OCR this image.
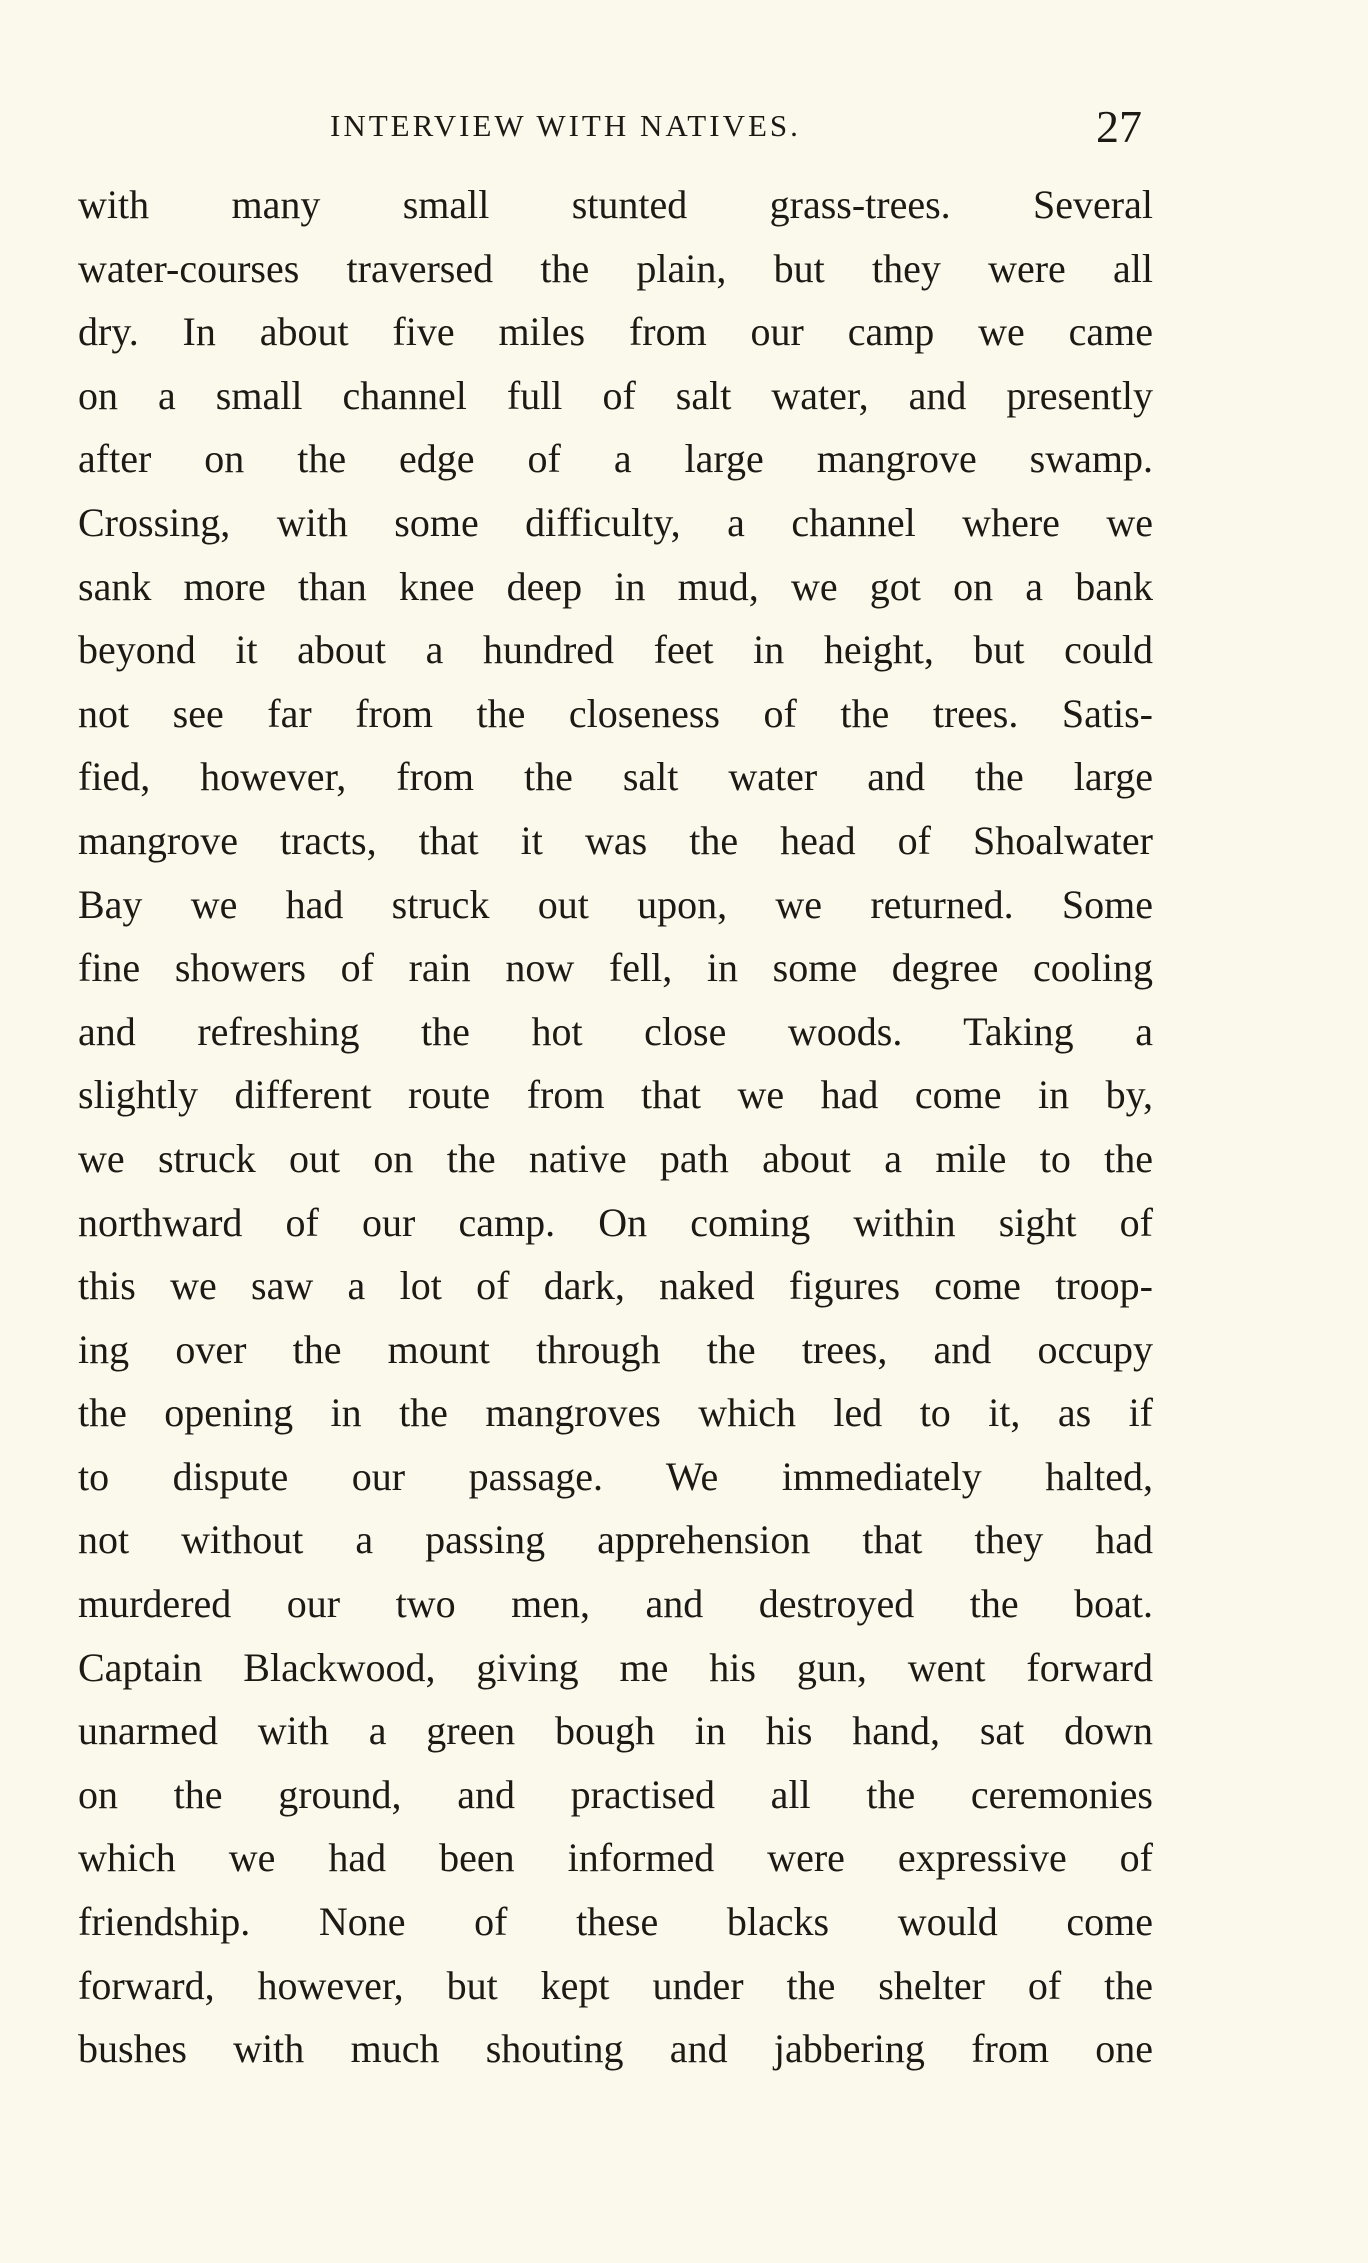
INTERVIEW WITH NATIVES.	27
with many small stunted grass-trees. Several
water-courses traversed the plain, but they were all
dry. In about five miles from our camp we came
on a small channel full of salt water, and presently
after on the edge of a large mangrove swamp.
Crossing, with some difficulty, a channel where we
sank more than knee deep in mud, we got on a bank
beyond it about a hundred feet in height, but could
not see far from the closeness of the trees. Satis-
fied, however, from the salt water and the large
mangrove tracts, that it was the head of Shoalwater
Bay we had struck out upon, we returned. Some
fine showers of rain now fell, in some degree cooling
and refreshing the hot close woods. Taking a
slightly different route from that we had come in by,
we struck out on the native path about a mile to the
northward of our camp. On coming within sight of
this we saw a lot of dark, naked figures come troop-
ing over the mount through the trees, and occupy
the opening in the mangroves which led to it, as if
to dispute our passage. We immediately halted,
not without a passing apprehension that they had
murdered our two men, and destroyed the boat.
Captain Blackwood, giving me his gun, went forward
unarmed with a green bough in his hand, sat down
on the ground, and practised all the ceremonies
which we had been informed were expressive of
friendship. None of these blacks would come
forward, however, but kept under the shelter of the
bushes with much shouting and jabbering from one
